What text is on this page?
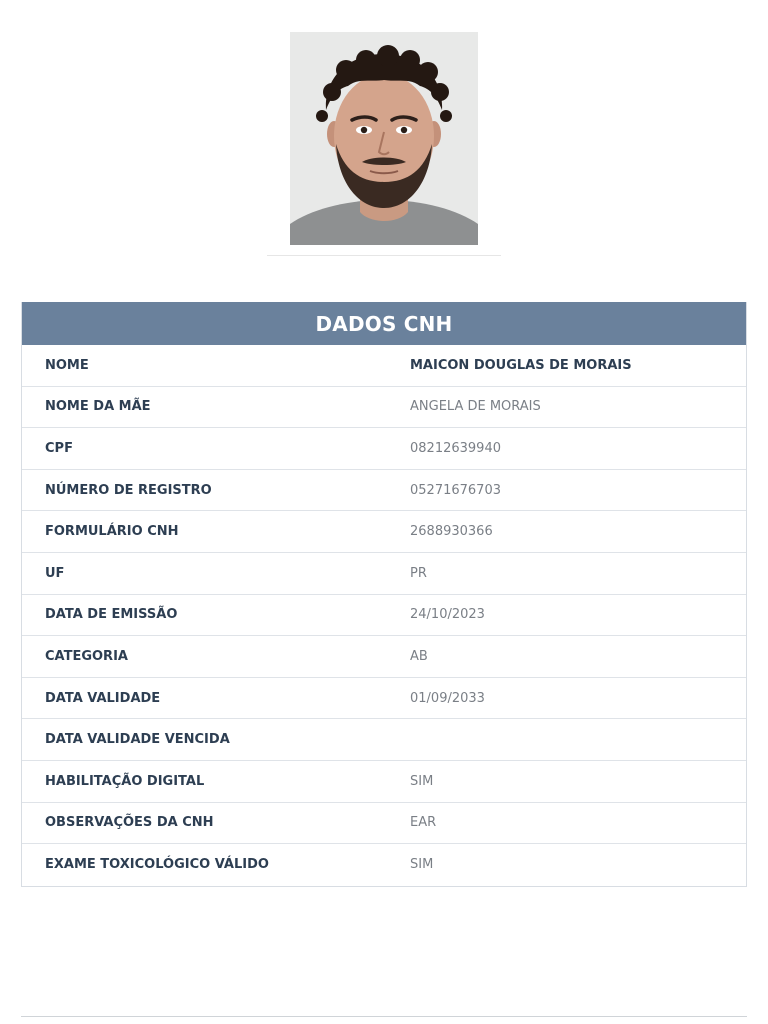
DADOS CNH
NOME	MAICON DOUGLAS DE MORAIS
NOME DA MÃE	ANGELA DE MORAIS
CPF	08212639940
NÚMERO DE REGISTRO	05271676703
FORMULÁRIO CNH	2688930366
UF	PR
DATA DE EMISSÃO	24/10/2023
CATEGORIA	AB
DATA VALIDADE	01/09/2033
DATA VALIDADE VENCIDA
HABILITAÇÃO DIGITAL	SIM
OBSERVAÇÕES DA CNH	EAR
EXAME TOXICOLÓGICO VÁLIDO	SIM
